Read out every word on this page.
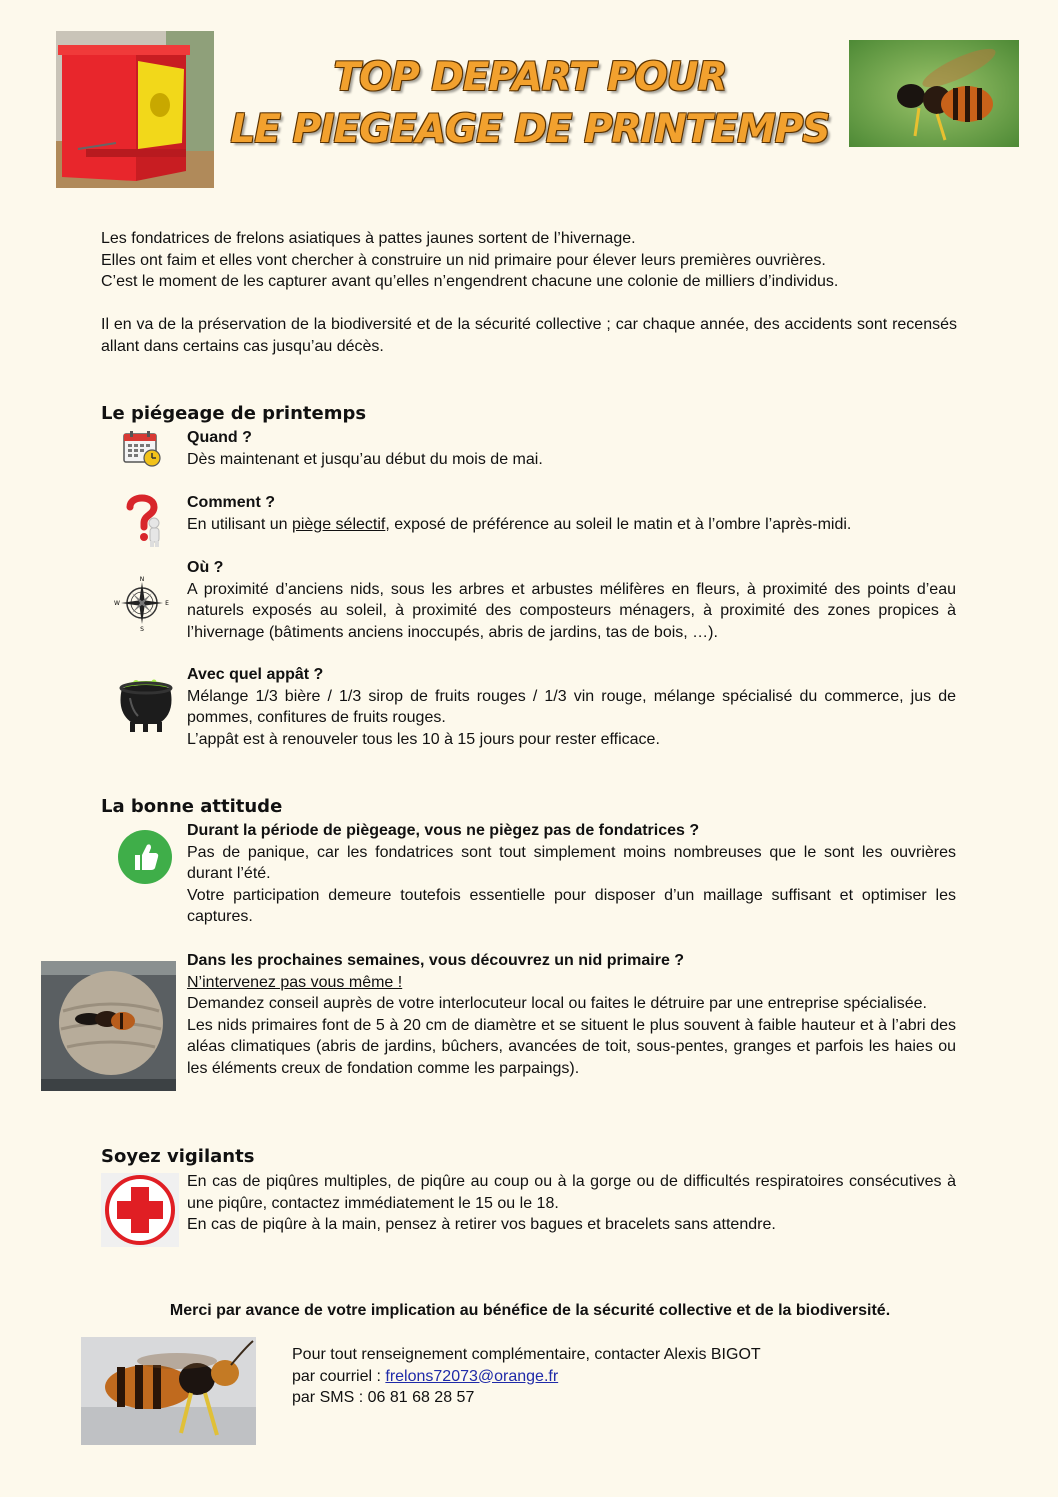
TOP DEPART POUR
LE PIEGEAGE DE PRINTEMPS
Les fondatrices de frelons asiatiques à pattes jaunes sortent de l’hivernage.
Elles ont faim et elles vont chercher à construire un nid primaire pour élever leurs premières ouvrières.
C’est le moment de les capturer avant qu’elles n’engendrent chacune une colonie de milliers d’individus.
Il en va de la préservation de la biodiversité et de la sécurité collective ; car chaque année, des accidents sont recensés allant dans certains cas jusqu’au décès.
Le piégeage de printemps
Quand ?
Dès maintenant et jusqu’au début du mois de mai.
Comment ?
En utilisant un piège sélectif, exposé de préférence au soleil le matin et à l’ombre l’après-midi.
N
S
E
W
Où ?
A proximité d’anciens nids, sous les arbres et arbustes mélifères en fleurs, à proximité des points d’eau naturels exposés au soleil, à proximité des composteurs ménagers, à proximité des zones propices à l’hivernage (bâtiments anciens inoccupés, abris de jardins, tas de bois, …).
Avec quel appât ?
Mélange 1/3 bière / 1/3 sirop de fruits rouges / 1/3 vin rouge, mélange spécialisé du commerce, jus de pommes, confitures de fruits rouges.
L’appât est à renouveler tous les 10 à 15 jours pour rester efficace.
La bonne attitude
Durant la période de piègeage, vous ne piègez pas de fondatrices ?
Pas de panique, car les fondatrices sont tout simplement moins nombreuses que le sont les ouvrières durant l’été.
Votre participation demeure toutefois essentielle pour disposer d’un maillage suffisant et optimiser les captures.
Dans les prochaines semaines, vous découvrez un nid primaire ?
N’intervenez pas vous même !
Demandez conseil auprès de votre interlocuteur local ou faites le détruire par une entreprise spécialisée.
Les nids primaires font de 5 à 20 cm de diamètre et se situent le plus souvent à faible hauteur et à l’abri des aléas climatiques (abris de jardins, bûchers, avancées de toit, sous-pentes, granges et parfois les haies ou les éléments creux de fondation comme les parpaings).
Soyez vigilants
En cas de piqûres multiples, de piqûre au coup ou à la gorge ou de difficultés respiratoires consécutives à une piqûre, contactez immédiatement le 15 ou le 18.
En cas de piqûre à la main, pensez à retirer vos bagues et bracelets sans attendre.
Merci par avance de votre implication au bénéfice de la sécurité collective et de la biodiversité.
Pour tout renseignement complémentaire, contacter Alexis BIGOT
par courriel : frelons72073@orange.fr
par SMS : 06 81 68 28 57
